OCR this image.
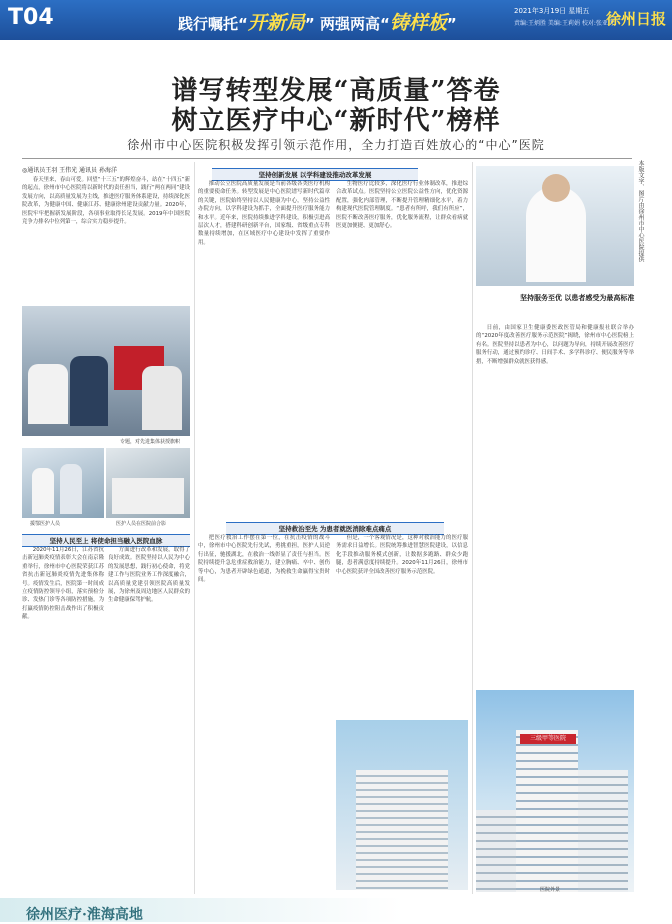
T04	践行嘱托“开新局” 两强两高“铸样板”
2021年3月19日 星期五
责编:王炳胜 美编:王莉娟 校对:张亚历
徐州日报
谱写转型发展“高质量”答卷
树立医疗中心“新时代”榜样
徐州市中心医院积极发挥引领示范作用，全力打造百姓放心的“中心”医院
◎通讯员王羽 王伟光 通讯员 孙海洋

春天里来，春山可爱。回望“十三五”的辉煌奋斗，站在“十四五”新的起点，徐州市中心医院将以新时代的责任担当，践行“两在两同”建设发展方向，以高质量发展为主线，推进医疗服务体系建设，持续深化医院改革，为健康中国、健康江苏、健康徐州建设贡献力量。2020年，医院牢牢把握新发展阶段，各项事业取得长足发展。2019年中国医院竞争力排名中位列第一，综合实力稳步提升。

专题，对先进集体获授旗帜
援鄂医护人员	医护人员在医院前合影
坚持创新发展 以学科建设推动改革发展

推动公立医院高质量发展是当前各级各类医疗机构的重要使命任务。转型发展是中心医院谱写新时代篇章的关键，医院始终坚持以人民健康为中心，坚持公益性办院方向，以学科建设为抓手，全面提升医疗服务能力和水平。近年来，医院持续推进学科建设，积极引进高层次人才，搭建科研创新平台，国家级、省级重点专科数量持续增加，在区域医疗中心建设中发挥了重要作用。

生物医疗比较多，深化医疗行业体制改革，推进综合改革试点。医院坚持公立医院公益性方向，优化资源配置，强化内部管理，不断提升管理精细化水平，着力构建现代医院管理制度。“患者有所呼，我们有所应”，医院不断改善医疗服务，优化服务流程，让群众看病就医更加便捷、更加舒心。

坚持救治至先 为患者就医消除难点痛点

把医疗救治工作摆在第一位，在抗击疫情的战斗中，徐州市中心医院先行先试，勇挑重担，医护人员逆行出征，驰援湖北，在救治一线彰显了责任与担当。医院持续提升急危重症救治能力，建立胸痛、卒中、创伤等中心，为患者开辟绿色通道，为挽救生命赢得宝贵时间。

但是，一个客观情况是，这种对救治能力的医疗服务需求日益增长。医院统筹推进智慧医院建设，以信息化手段推动服务模式创新，让数据多跑路、群众少跑腿，患者满意度持续提升。2020年11月26日，徐州市中心医院获评全国改善医疗服务示范医院。

坚持服务至优 以患者感受为最高标准

日前，由国家卫生健康委医政医管局和健康报社联合举办的“2020年度改善医疗服务示范医院”揭晓，徐州市中心医院榜上有名。医院坚持以患者为中心，以问题为导向，持续开展改善医疗服务行动，通过预约诊疗、日间手术、多学科诊疗、便民服务等举措，不断增强群众就医获得感。

坚持人民至上 将使命担当融入医院血脉

2020年11月26日，江苏省抗击新冠肺炎疫情表彰大会在南京隆重举行，徐州市中心医院荣获江苏省抗击新冠肺炎疫情先进集体称号。疫情发生后，医院第一时间成立疫情防控领导小组，落实预检分诊、发热门诊等各项防控措施，为打赢疫情防控阻击战作出了积极贡献。

方面进行改革和发展，取得了良好成效。医院坚持以人民为中心的发展思想，践行初心使命，将党建工作与医院业务工作深度融合，以高质量党建引领医院高质量发展，为徐州及周边地区人民群众的生命健康保驾护航。

三级甲等医院
医院外景
本版文字、图片由徐州市中心医院提供
徐州医疗·淮海高地
